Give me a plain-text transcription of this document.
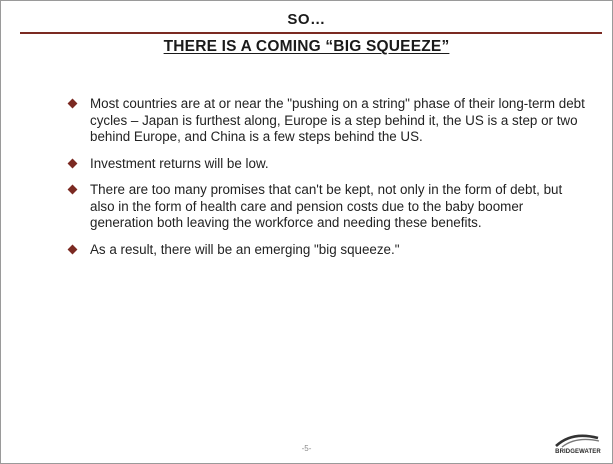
SO…
THERE IS A COMING “BIG SQUEEZE”
Most countries are at or near the "pushing on a string" phase of their long-term debt cycles – Japan is furthest along, Europe is a step behind it, the US is a step or two behind Europe, and China is a few steps behind the US.
Investment returns will be low.
There are too many promises that can't be kept, not only in the form of debt, but also in the form of health care and pension costs due to the baby boomer generation both leaving the workforce and needing these benefits.
As a result, there will be an emerging "big squeeze."
-5-	BRIDGEWATER
